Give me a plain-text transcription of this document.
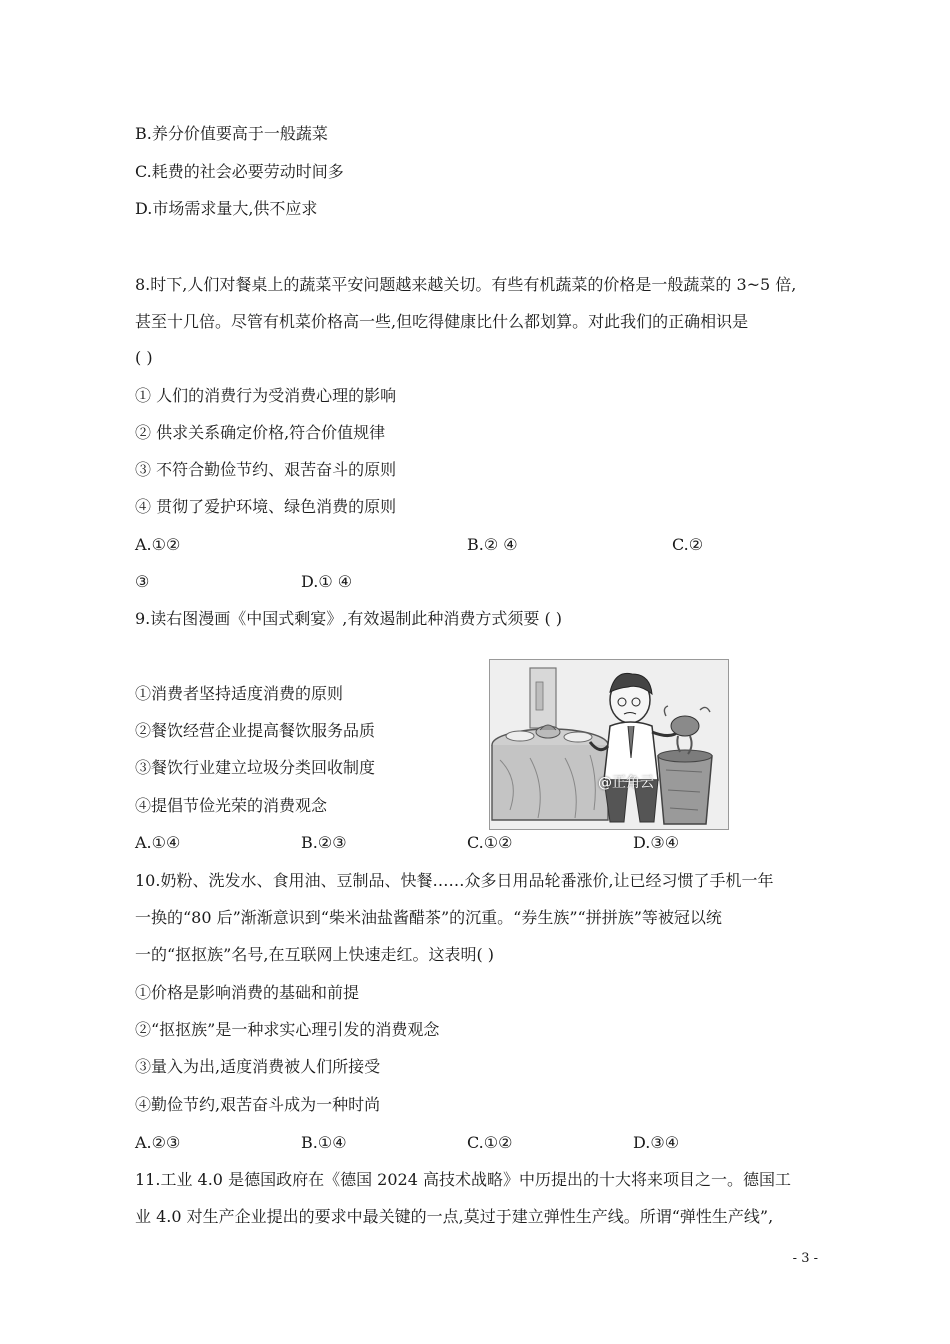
B.养分价值要高于一般蔬菜
C.耗费的社会必要劳动时间多
D.市场需求量大,供不应求
8.时下,人们对餐桌上的蔬菜平安问题越来越关切。有些有机蔬菜的价格是一般蔬菜的 3~5 倍,
甚至十几倍。尽管有机菜价格高一些,但吃得健康比什么都划算。对此我们的正确相识是
( )
① 人们的消费行为受消费心理的影响
② 供求关系确定价格,符合价值规律
③ 不符合勤俭节约、艰苦奋斗的原则
④ 贯彻了爱护环境、绿色消费的原则
A.①②	B.② ④	C.②
③	D.① ④
9.读右图漫画《中国式剩宴》,有效遏制此种消费方式须要 ( )
①消费者坚持适度消费的原则
②餐饮经营企业提高餐饮服务品质
③餐饮行业建立垃圾分类回收制度
④提倡节俭光荣的消费观念
@正角云
A.①④	B.②③	C.①②	D.③④
10.奶粉、洗发水、食用油、豆制品、快餐……众多日用品轮番涨价,让已经习惯了手机一年
一换的“80 后”渐渐意识到“柴米油盐酱醋茶”的沉重。“券生族”“拼拼族”等被冠以统
一的“抠抠族”名号,在互联网上快速走红。这表明( )
①价格是影响消费的基础和前提
②“抠抠族”是一种求实心理引发的消费观念
③量入为出,适度消费被人们所接受
④勤俭节约,艰苦奋斗成为一种时尚
A.②③	B.①④	C.①②	D.③④
11.工业 4.0 是德国政府在《德国 2024 高技术战略》中历提出的十大将来项目之一。德国工
业 4.0 对生产企业提出的要求中最关键的一点,莫过于建立弹性生产线。所谓“弹性生产线”,
- 3 -
